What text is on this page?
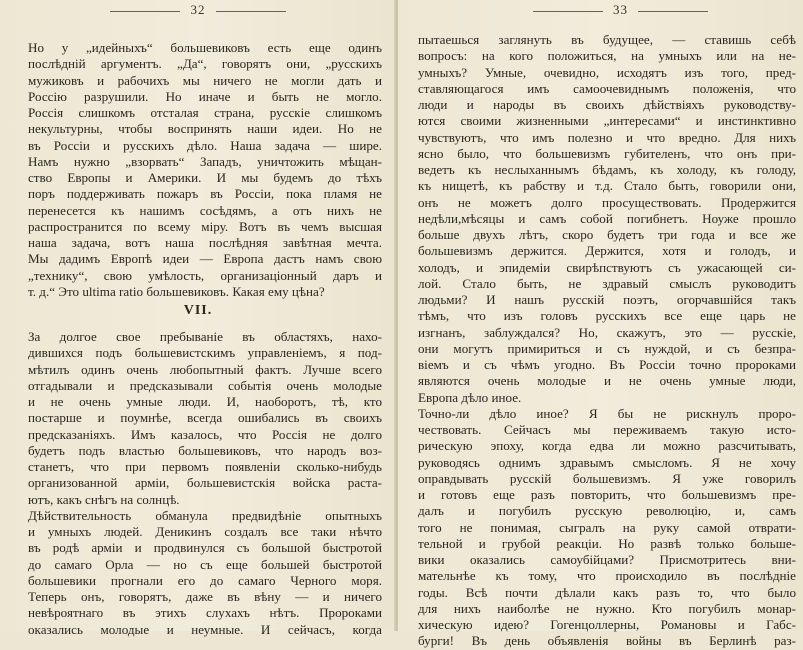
32
Но у „идейныхъ“ большевиковъ есть еще одинъ
послѣдній аргументъ. „Да“, говорятъ они, „русскихъ
мужиковъ и рабочихъ мы ничего не могли дать и
Россію разрушили. Но иначе и быть не могло.
Россія слишкомъ отсталая страна, русскіе слишкомъ
некультурны, чтобы воспринять наши идеи. Но не
въ Россіи и русскихъ дѣло. Наша задача — шире.
Намъ нужно „взорвать“ Западъ, уничтожить мѣщан-
ство Европы и Америки. И мы будемъ до тѣхъ
поръ поддерживать пожаръ въ Россіи, пока пламя не
перенесется къ нашимъ сосѣдямъ, а отъ нихъ не
распространится по всему міру. Вотъ въ чемъ высшая
наша задача, вотъ наша послѣдняя завѣтная мечта.
Мы дадимъ Европѣ идеи — Европа дастъ намъ свою
„технику“, свою умѣлость, организаціонный даръ и
т. д.“ Это ultima ratio большевиковъ. Какая ему цѣна?
VII.
За долгое свое пребываніе въ областяхъ, нахо-
дившихся подъ большевистскимъ управленіемъ, я под-
мѣтилъ одинъ очень любопытный фактъ. Лучше всего
отгадывали и предсказывали событія очень молодые
и не очень умные люди. И, наоборотъ, тѣ, кто
постарше и поумнѣе, всегда ошибались въ своихъ
предсказаніяхъ. Имъ казалось, что Россія не долго
будетъ подъ властью большевиковъ, что народъ воз-
станетъ, что при первомъ появленіи сколько-нибудь
организованной арміи, большевистскія войска раста-
ютъ, какъ снѣгъ на солнцѣ.
Дѣйствительность обманула предвидѣніе опытныхъ
и умныхъ людей. Деникинъ создалъ все таки нѣчто
въ родѣ арміи и продвинулся съ большой быстротой
до самаго Орла — но съ еще большей быстротой
большевики прогнали его до самаго Черного моря.
Теперь онъ, говорятъ, даже въ вѣну — и ничего
невѣроятнаго въ этихъ слухахъ нѣтъ. Пророками
оказались молодые и неумные. И сейчасъ, когда
33
пытаешься заглянуть въ будущее, — ставишь себѣ
вопросъ: на кого положиться, на умныхъ или на не-
умныхъ? Умные, очевидно, исходятъ изъ того, пред-
ставляющагося имъ самоочевиднымъ положенія, что
люди и народы въ своихъ дѣйствіяхъ руководству-
ются своими жизненными „интересами“ и инстинктивно
чувствуютъ, что имъ полезно и что вредно. Для нихъ
ясно было, что большевизмъ губителенъ, что онъ при-
ведетъ къ неслыханнымъ бѣдамъ, къ холоду, къ голоду,
къ нищетѣ, къ рабству и т.д. Стало быть, говорили они,
онъ не можетъ долго просуществовать. Продержится
недѣли,мѣсяцы и самъ собой погибнетъ. Ноуже прошло
больше двухъ лѣтъ, скоро будетъ три года и все же
большевизмъ держится. Держится, хотя и голодъ, и
холодъ, и эпидеміи свирѣпствуютъ съ ужасающей си-
лой. Стало быть, не здравый смыслъ руководитъ
людьми? И нашъ русскій поэтъ, огорчавшійся такъ
тѣмъ, что изъ головъ русскихъ все еще царь не
изгнанъ, заблуждался? Но, скажутъ, это — русскіе,
они могутъ примириться и съ нуждой, и съ безпра-
віемъ и съ чѣмъ угодно. Въ Россіи точно пророками
являются очень молодые и не очень умные люди,
Европа дѣло иное.
Точно-ли дѣло иное? Я бы не рискнулъ проро-
чествовать. Сейчасъ мы переживаемъ такую исто-
рическую эпоху, когда едва ли можно разсчитывать,
руководясь однимъ здравымъ смысломъ. Я не хочу
оправдывать русскій большевизмъ. Я уже говорилъ
и готовъ еще разъ повторить, что большевизмъ пре-
далъ и погубилъ русскую революцію, и, самъ
того не понимая, сыгралъ на руку самой отврати-
тельной и грубой реакціи. Но развѣ только больше-
вики оказались самоубійцами? Присмотритесь вни-
мательнѣе къ тому, что происходило въ послѣдніе
годы. Всѣ почти дѣлали какъ разъ то, что было
для нихъ наиболѣе не нужно. Кто погубилъ монар-
хическую идею? Гогенцоллерны, Романовы и Габс-
бурги! Въ день объявленія войны въ Берлинѣ раз-
